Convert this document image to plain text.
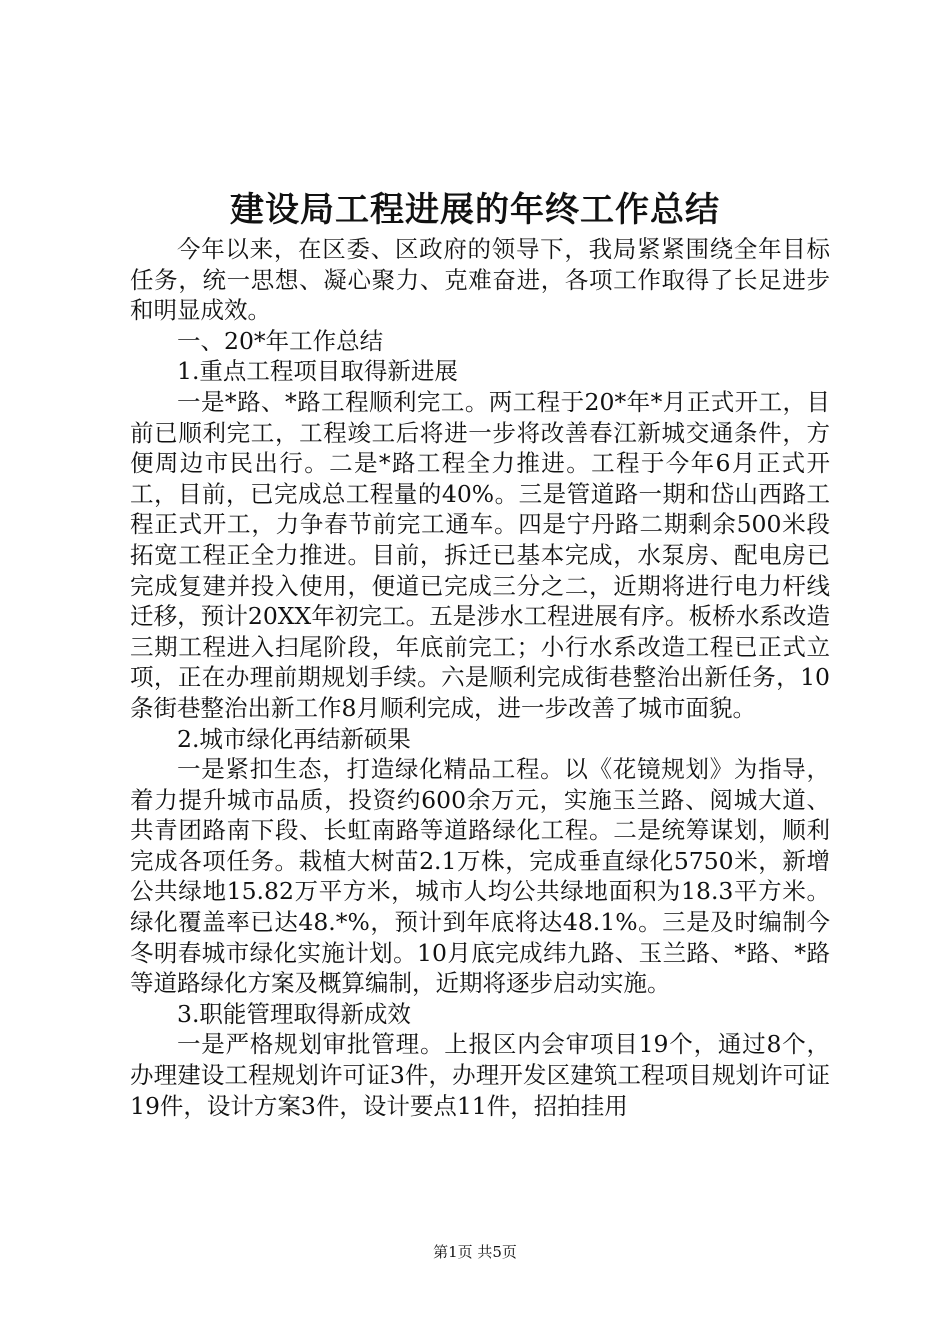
建设局工程进展的年终工作总结

今年以来，在区委、区政府的领导下，我局紧紧围绕全年目标任务，统一思想、凝心聚力、克难奋进，各项工作取得了长足进步和明显成效。

一、20*年工作总结

1.重点工程项目取得新进展

一是*路、*路工程顺利完工。两工程于20*年*月正式开工，目前已顺利完工，工程竣工后将进一步将改善春江新城交通条件，方便周边市民出行。二是*路工程全力推进。工程于今年6月正式开工，目前，已完成总工程量的40%。三是管道路一期和岱山西路工程正式开工，力争春节前完工通车。四是宁丹路二期剩余500米段拓宽工程正全力推进。目前，拆迁已基本完成，水泵房、配电房已完成复建并投入使用，便道已完成三分之二，近期将进行电力杆线迁移，预计20XX年初完工。五是涉水工程进展有序。板桥水系改造三期工程进入扫尾阶段，年底前完工；小行水系改造工程已正式立项，正在办理前期规划手续。六是顺利完成街巷整治出新任务，10条街巷整治出新工作8月顺利完成，进一步改善了城市面貌。

2.城市绿化再结新硕果

一是紧扣生态，打造绿化精品工程。以《花镜规划》为指导，着力提升城市品质，投资约600余万元，实施玉兰路、阅城大道、共青团路南下段、长虹南路等道路绿化工程。二是统筹谋划，顺利完成各项任务。栽植大树苗2.1万株，完成垂直绿化5750米，新增公共绿地15.82万平方米，城市人均公共绿地面积为18.3平方米。绿化覆盖率已达48.*%，预计到年底将达48.1%。三是及时编制今冬明春城市绿化实施计划。10月底完成纬九路、玉兰路、*路、*路等道路绿化方案及概算编制，近期将逐步启动实施。

3.职能管理取得新成效

一是严格规划审批管理。上报区内会审项目19个，通过8个，办理建设工程规划许可证3件，办理开发区建筑工程项目规划许可证19件，设计方案3件，设计要点11件，招拍挂用

第1页 共5页
